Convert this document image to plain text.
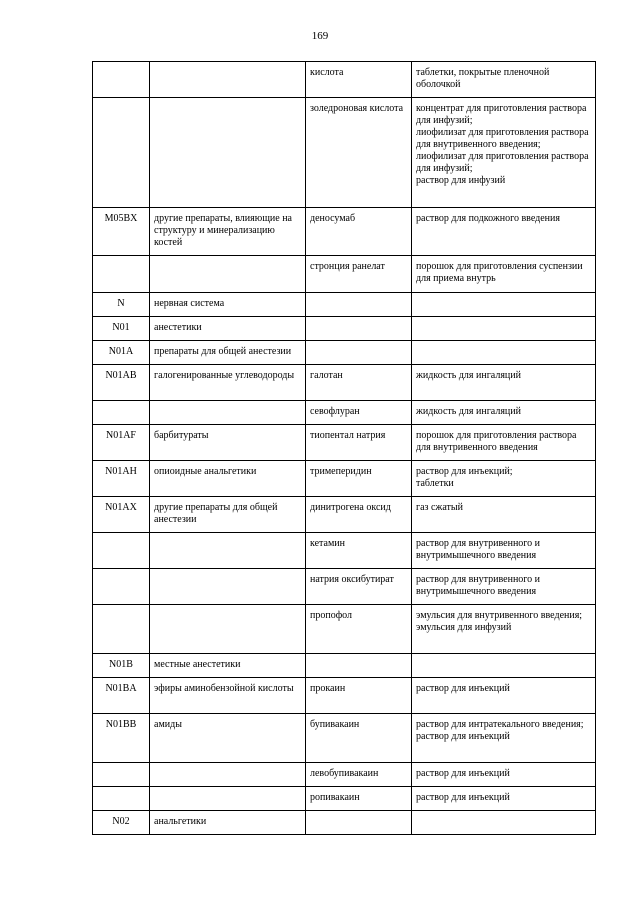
169
		кислота	таблетки, покрытые пленочной
оболочкой

		золедроновая кислота	концентрат для приготовления раствора для инфузий;
лиофилизат для приготовления раствора для внутривенного введения;
лиофилизат для приготовления раствора для инфузий;
раствор для инфузий

M05BX	другие препараты, влияющие на структуру и минерализацию костей	деносумаб	раствор для подкожного введения

		стронция ранелат	порошок для приготовления суспензии для приема внутрь

N	нервная система		
N01	анестетики		
N01A	препараты для общей анестезии		
N01AB	галогенированные углеводороды	галотан	жидкость для ингаляций

		севофлуран	жидкость для ингаляций

N01AF	барбитураты	тиопентал натрия	порошок для приготовления раствора для внутривенного введения

N01AH	опиоидные анальгетики	тримеперидин	раствор для инъекций;
таблетки

N01AX	другие препараты для общей анестезии	динитрогена оксид	газ сжатый

		кетамин	раствор для внутривенного и внутримышечного введения

		натрия оксибутират	раствор для внутривенного и внутримышечного введения

		пропофол	эмульсия для внутривенного введения;
эмульсия для инфузий

N01B	местные анестетики		
N01BA	эфиры аминобензойной кислоты	прокаин	раствор для инъекций

N01BB	амиды	бупивакаин	раствор для интратекального введения;
раствор для инъекций

		левобупивакаин	раствор для инъекций

		ропивакаин	раствор для инъекций

N02	анальгетики		
